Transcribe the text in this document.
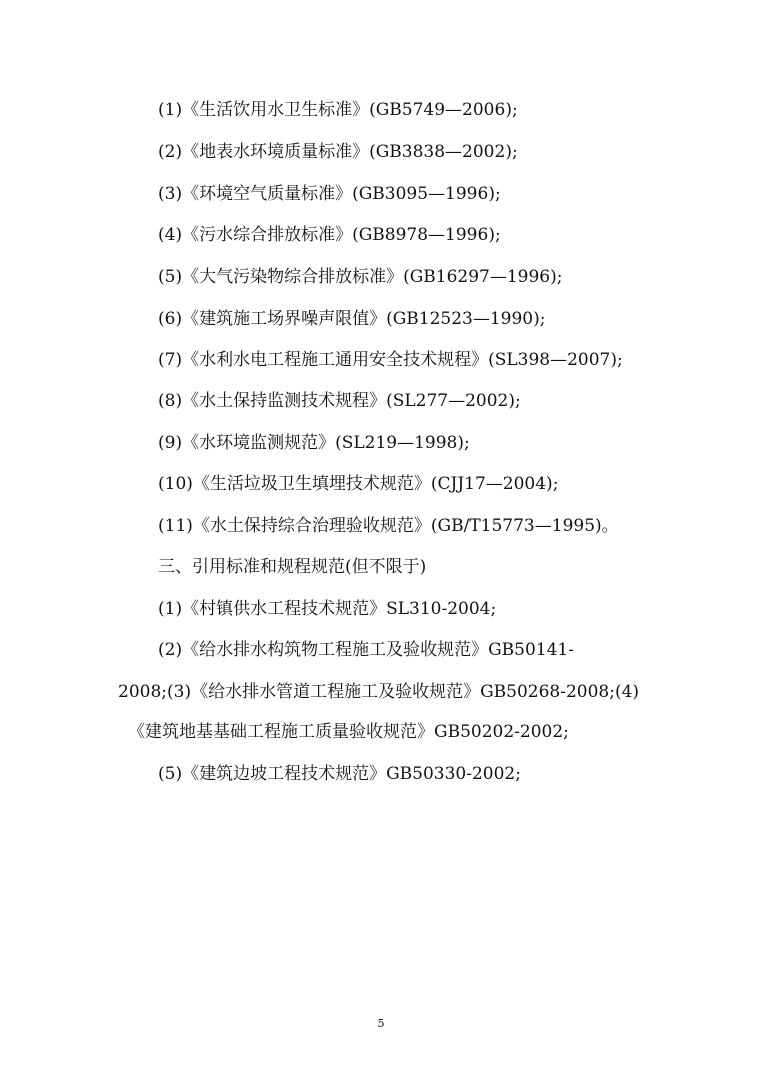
(1)《生活饮用水卫生标准》(GB5749—2006);
(2)《地表水环境质量标准》(GB3838—2002);
(3)《环境空气质量标准》(GB3095—1996);
(4)《污水综合排放标准》(GB8978—1996);
(5)《大气污染物综合排放标准》(GB16297—1996);
(6)《建筑施工场界噪声限值》(GB12523—1990);
(7)《水利水电工程施工通用安全技术规程》(SL398—2007);
(8)《水土保持监测技术规程》(SL277—2002);
(9)《水环境监测规范》(SL219—1998);
(10)《生活垃圾卫生填埋技术规范》(CJJ17—2004);
(11)《水土保持综合治理验收规范》(GB/T15773—1995)。
三、引用标准和规程规范(但不限于)
(1)《村镇供水工程技术规范》SL310-2004;
(2)《给水排水构筑物工程施工及验收规范》GB50141-
2008;(3)《给水排水管道工程施工及验收规范》GB50268-2008;(4)
《建筑地基基础工程施工质量验收规范》GB50202-2002;
(5)《建筑边坡工程技术规范》GB50330-2002;
5
